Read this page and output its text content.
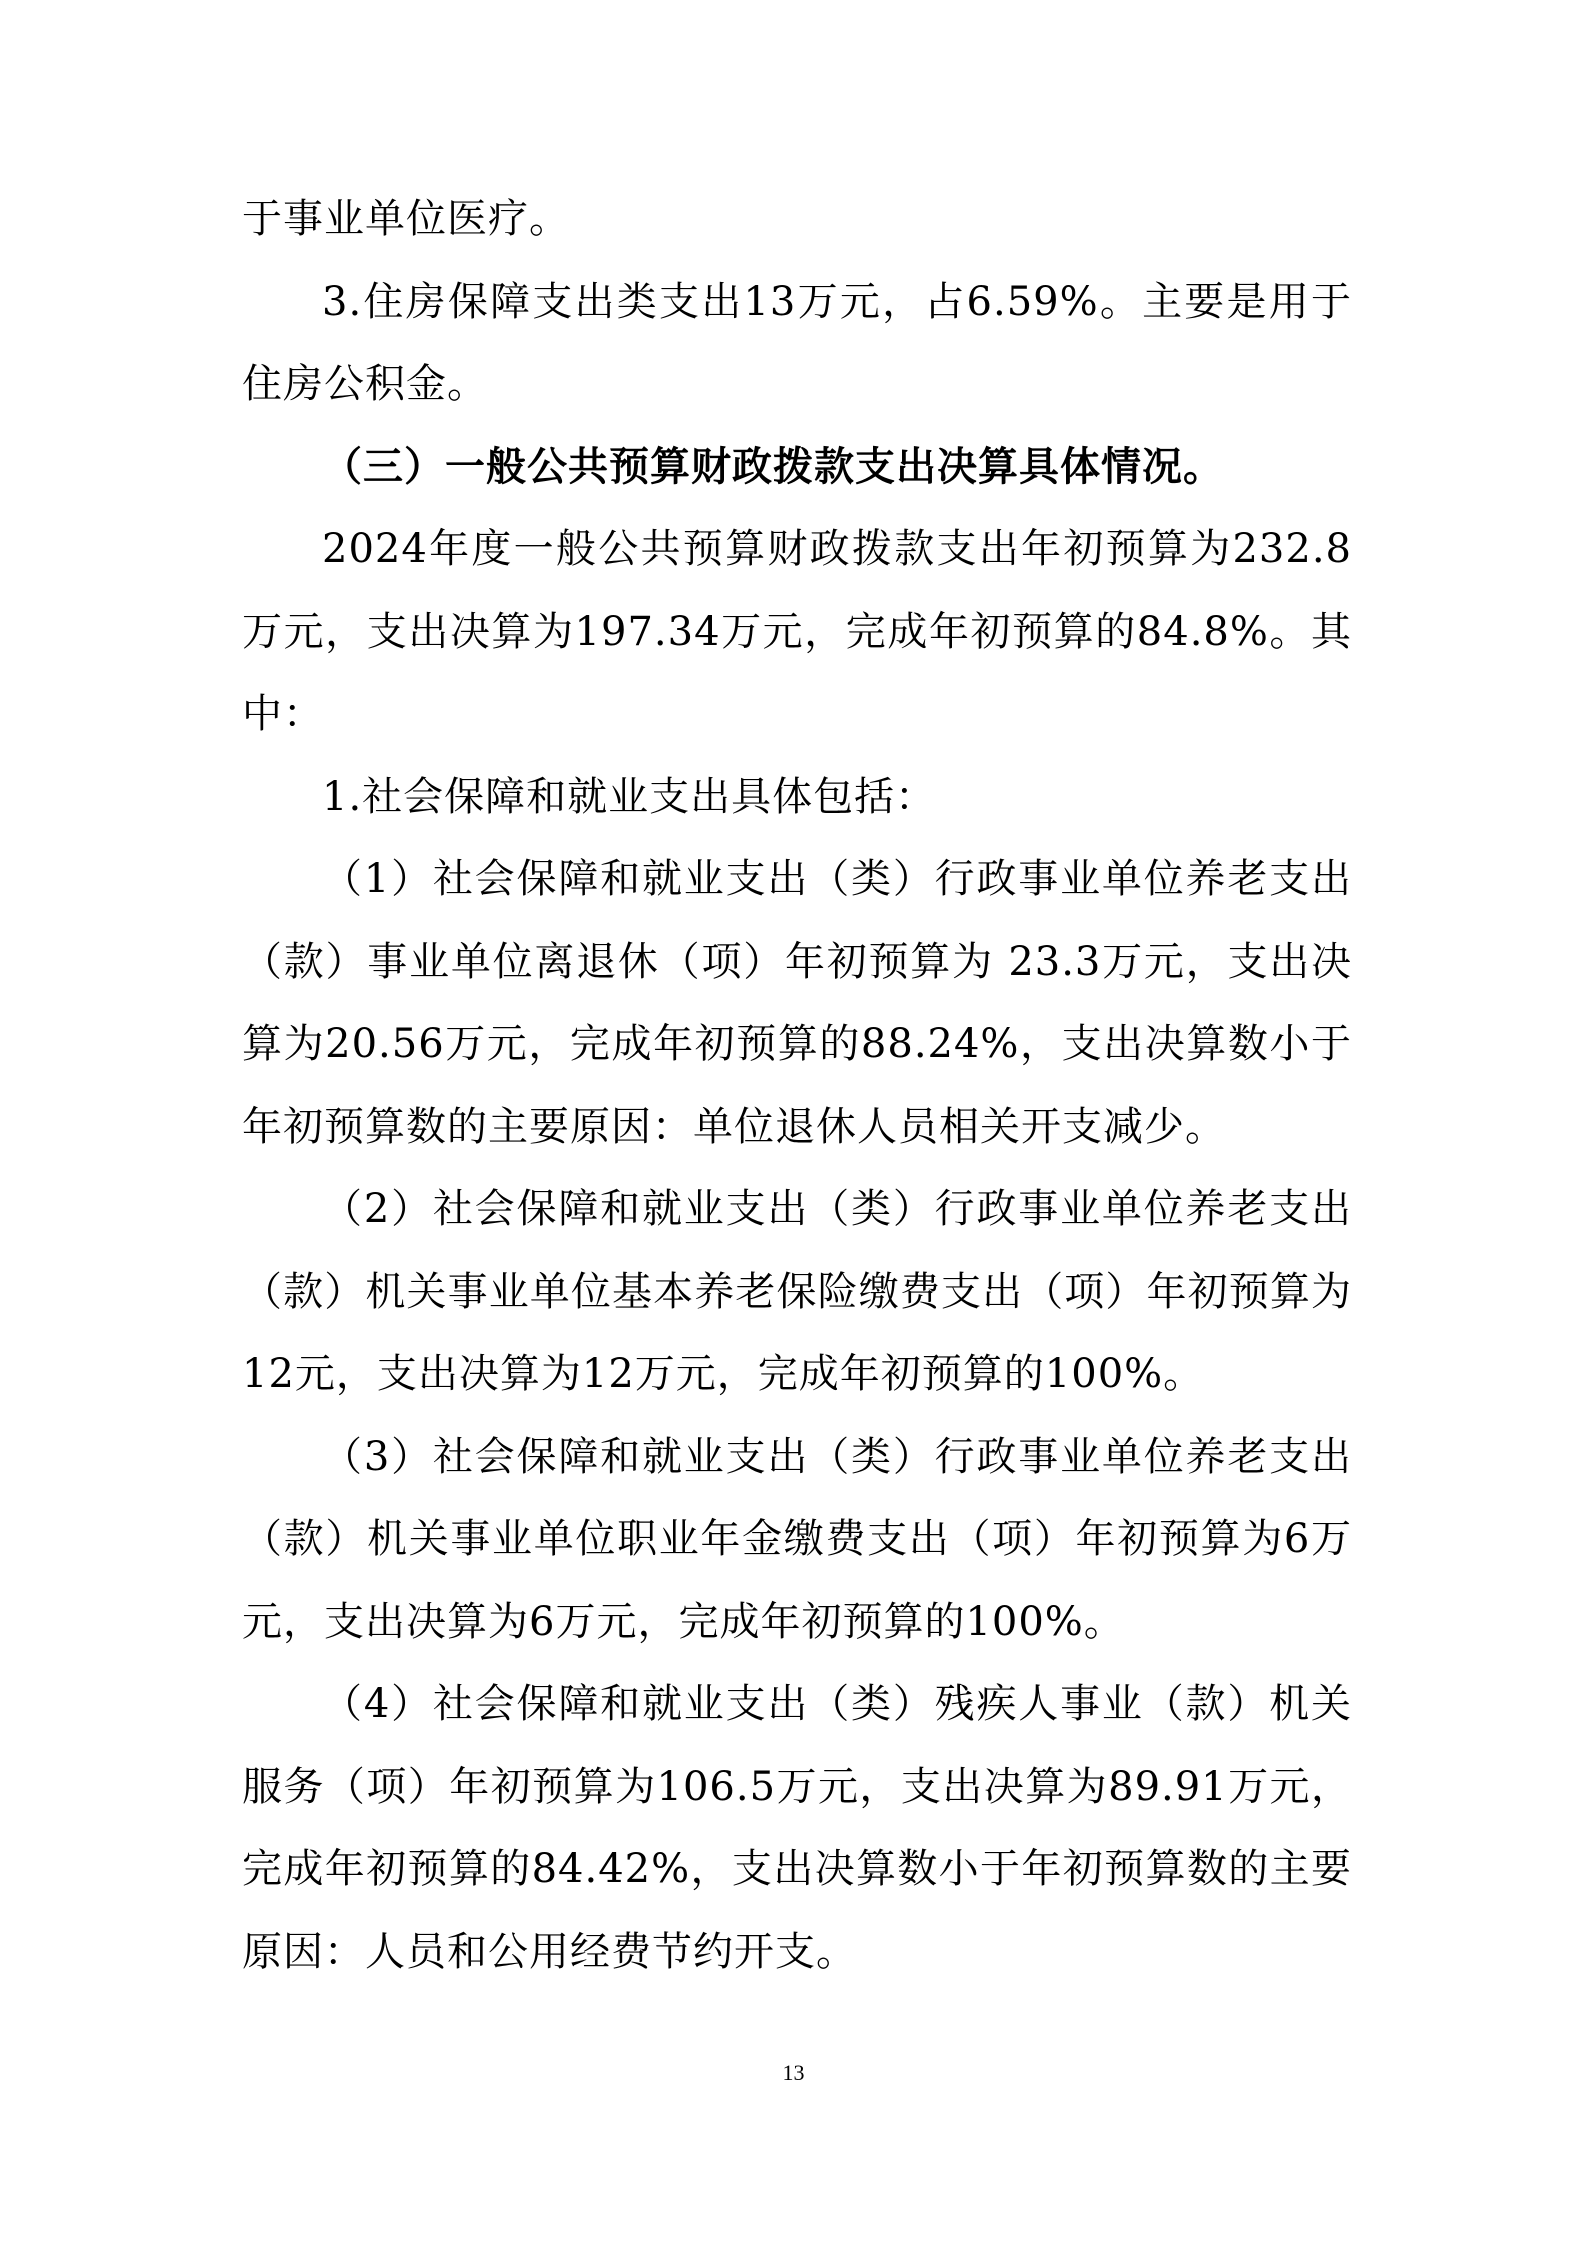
于事业单位医疗。

3.住房保障支出类支出13万元，占6.59%。主要是用于住房公积金。

（三）一般公共预算财政拨款支出决算具体情况。

2024年度一般公共预算财政拨款支出年初预算为232.8万元，支出决算为197.34万元，完成年初预算的84.8%。其中：

1.社会保障和就业支出具体包括：

（1）社会保障和就业支出（类）行政事业单位养老支出（款）事业单位离退休（项）年初预算为 23.3万元，支出决算为20.56万元，完成年初预算的88.24%，支出决算数小于年初预算数的主要原因：单位退休人员相关开支减少。

（2）社会保障和就业支出（类）行政事业单位养老支出（款）机关事业单位基本养老保险缴费支出（项）年初预算为12元，支出决算为12万元，完成年初预算的100%。

（3）社会保障和就业支出（类）行政事业单位养老支出（款）机关事业单位职业年金缴费支出（项）年初预算为6万元，支出决算为6万元，完成年初预算的100%。

（4）社会保障和就业支出（类）残疾人事业（款）机关服务（项）年初预算为106.5万元，支出决算为89.91万元，完成年初预算的84.42%，支出决算数小于年初预算数的主要原因：人员和公用经费节约开支。

13
